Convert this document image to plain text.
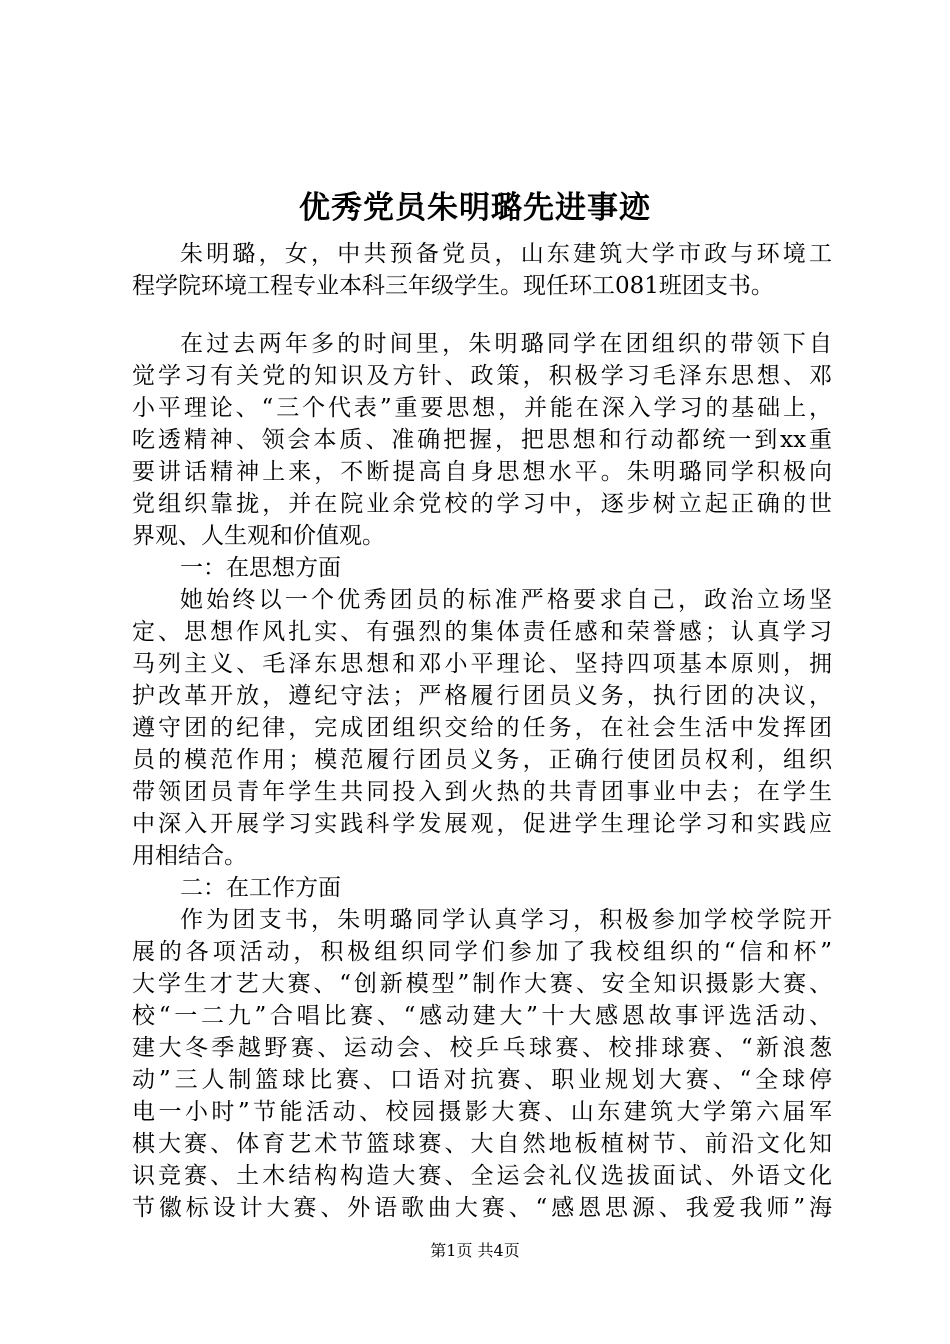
优秀党员朱明璐先进事迹
朱明璐，女，中共预备党员，山东建筑大学市政与环境工
程学院环境工程专业本科三年级学生。现任环工081班团支书。
在过去两年多的时间里，朱明璐同学在团组织的带领下自
觉学习有关党的知识及方针、政策，积极学习毛泽东思想、邓
小平理论、“三个代表”重要思想，并能在深入学习的基础上，
吃透精神、领会本质、准确把握，把思想和行动都统一到xx重
要讲话精神上来，不断提高自身思想水平。朱明璐同学积极向
党组织靠拢，并在院业余党校的学习中，逐步树立起正确的世
界观、人生观和价值观。
一：在思想方面
她始终以一个优秀团员的标准严格要求自己，政治立场坚
定、思想作风扎实、有强烈的集体责任感和荣誉感；认真学习
马列主义、毛泽东思想和邓小平理论、坚持四项基本原则，拥
护改革开放，遵纪守法；严格履行团员义务，执行团的决议，
遵守团的纪律，完成团组织交给的任务，在社会生活中发挥团
员的模范作用；模范履行团员义务，正确行使团员权利，组织
带领团员青年学生共同投入到火热的共青团事业中去；在学生
中深入开展学习实践科学发展观，促进学生理论学习和实践应
用相结合。
二：在工作方面
作为团支书，朱明璐同学认真学习，积极参加学校学院开
展的各项活动，积极组织同学们参加了我校组织的“信和杯”
大学生才艺大赛、“创新模型”制作大赛、安全知识摄影大赛、
校“一二九”合唱比赛、“感动建大”十大感恩故事评选活动、
建大冬季越野赛、运动会、校乒乓球赛、校排球赛、“新浪葱
动”三人制篮球比赛、口语对抗赛、职业规划大赛、“全球停
电一小时”节能活动、校园摄影大赛、山东建筑大学第六届军
棋大赛、体育艺术节篮球赛、大自然地板植树节、前沿文化知
识竞赛、土木结构构造大赛、全运会礼仪选拔面试、外语文化
节徽标设计大赛、外语歌曲大赛、“感恩思源、我爱我师”海
第1页 共4页
